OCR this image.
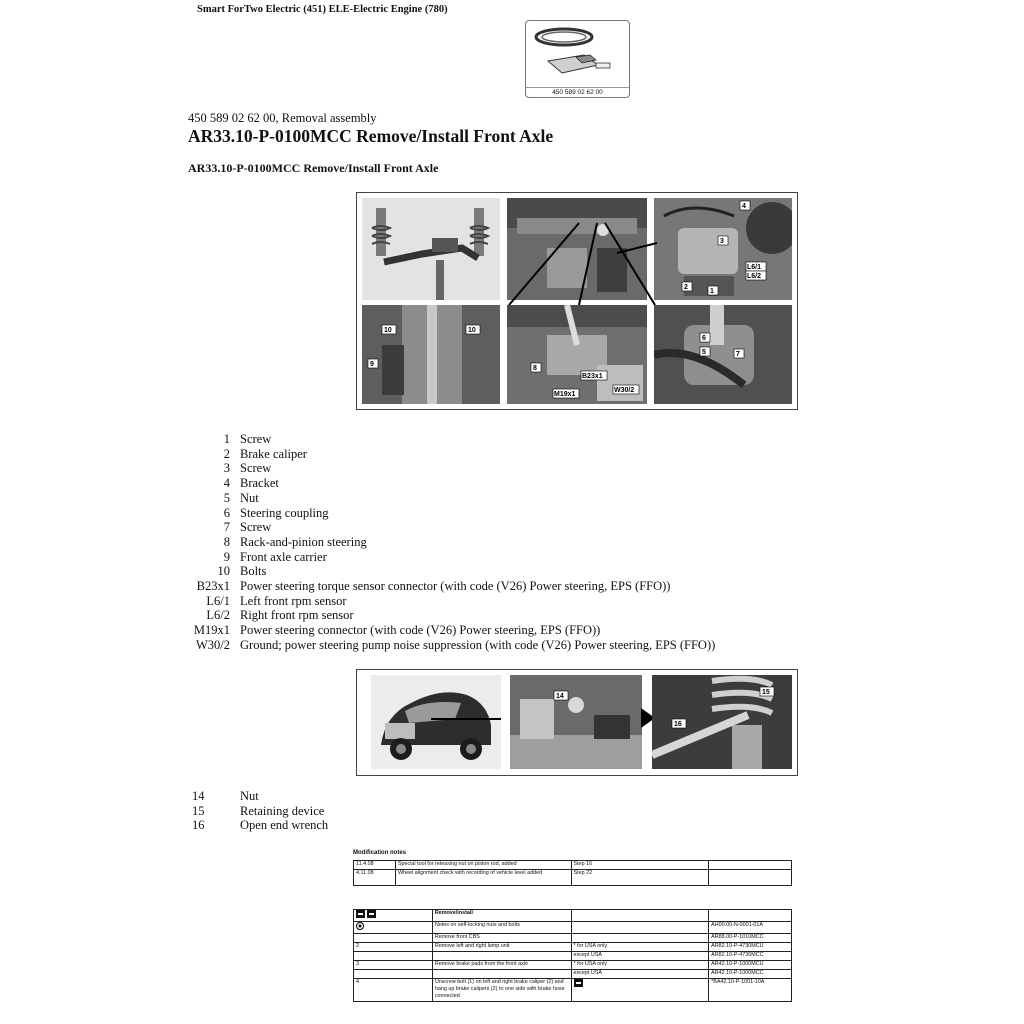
Smart ForTwo Electric (451) ELE-Electric Engine (780)
450 589 02 62 00
450 589 02 62 00, Removal assembly
AR33.10-P-0100MCC Remove/Install Front Axle
AR33.10-P-0100MCC Remove/Install Front Axle
4
3
L6/1
L6/2
2
1
10	10
9
8
B23x1
M19x1
W30/2
6
5	7
1 Screw
2 Brake caliper
3 Screw
4 Bracket
5 Nut
6 Steering coupling
7 Screw
8 Rack-and-pinion steering
9 Front axle carrier
10 Bolts
B23x1 Power steering torque sensor connector (with code (V26) Power steering, EPS (FFO))
L6/1 Left front rpm sensor
L6/2 Right front rpm sensor
M19x1 Power steering connector (with code (V26) Power steering, EPS (FFO))
W30/2 Ground; power steering pump noise suppression (with code (V26) Power steering, EPS (FFO))
14
15
16
14	Nut
15	Retaining device
16	Open end wrench
Modification notes
11.4.08	Special tool for releasing nut on piston rod, added	Step 16	
4.11.08	Wheel alignment check with recording of vehicle level added	Step 22	
	Remove/install		
	Notes on self-locking nuts and bolts		AH00.00-N-0001-01A
	Remove front CBS		AR88.00-P-1010MCC
2	Remove left and right lamp unit	* for USA only	AR82.10-P-4730MCU
		except USA	AR82.10-P-4730MCC
3	Remove brake pads from the front axle	* for USA only	AR42.10-P-1000MCU
		except USA	AR42.10-P-1000MCC
4	Unscrew bolt (1) on left and right brake caliper (2) and hang up brake calipers (2) to one side with brake hose connected		*BA42.10-P-1001-10A
